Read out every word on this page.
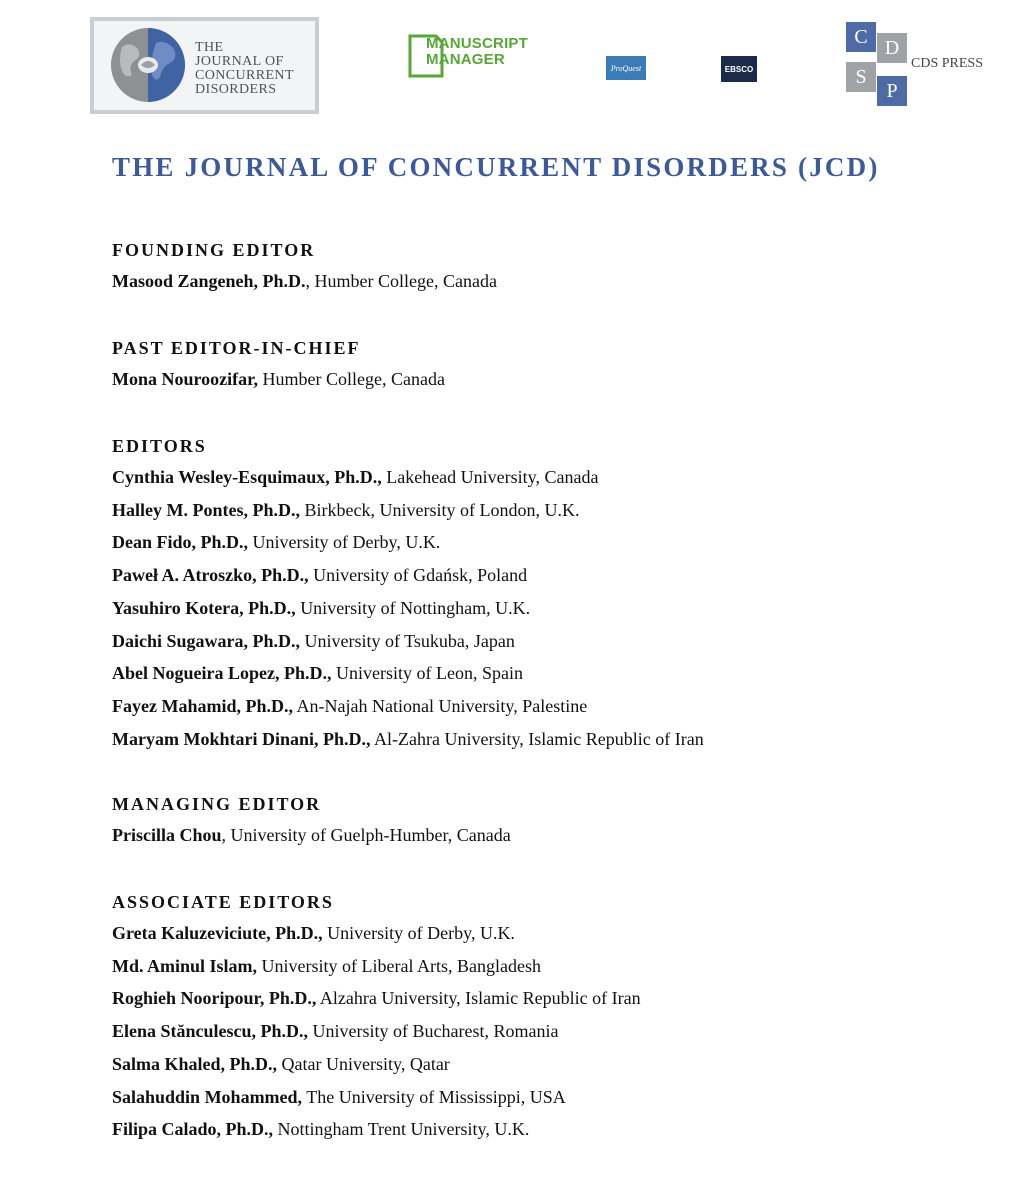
THE
JOURNAL OF
CONCURRENT
DISORDERS
MANUSCRIPT
MANAGER	ProQuest	EBSCO
C D
S
P
CDS PRESS
THE JOURNAL OF CONCURRENT DISORDERS (JCD)
FOUNDING EDITOR
Masood Zangeneh, Ph.D., Humber College, Canada
PAST EDITOR-IN-CHIEF
Mona Nouroozifar, Humber College, Canada
EDITORS
Cynthia Wesley-Esquimaux, Ph.D., Lakehead University, Canada
Halley M. Pontes, Ph.D., Birkbeck, University of London, U.K.
Dean Fido, Ph.D., University of Derby, U.K.
Paweł A. Atroszko, Ph.D., University of Gdańsk, Poland
Yasuhiro Kotera, Ph.D., University of Nottingham, U.K.
Daichi Sugawara, Ph.D., University of Tsukuba, Japan
Abel Nogueira Lopez, Ph.D., University of Leon, Spain
Fayez Mahamid, Ph.D., An-Najah National University, Palestine
Maryam Mokhtari Dinani, Ph.D., Al-Zahra University, Islamic Republic of Iran
MANAGING EDITOR
Priscilla Chou, University of Guelph-Humber, Canada
ASSOCIATE EDITORS
Greta Kaluzeviciute, Ph.D., University of Derby, U.K.
Md. Aminul Islam, University of Liberal Arts, Bangladesh
Roghieh Nooripour, Ph.D., Alzahra University, Islamic Republic of Iran
Elena Stănculescu, Ph.D., University of Bucharest, Romania
Salma Khaled, Ph.D., Qatar University, Qatar
Salahuddin Mohammed, The University of Mississippi, USA
Filipa Calado, Ph.D., Nottingham Trent University, U.K.
